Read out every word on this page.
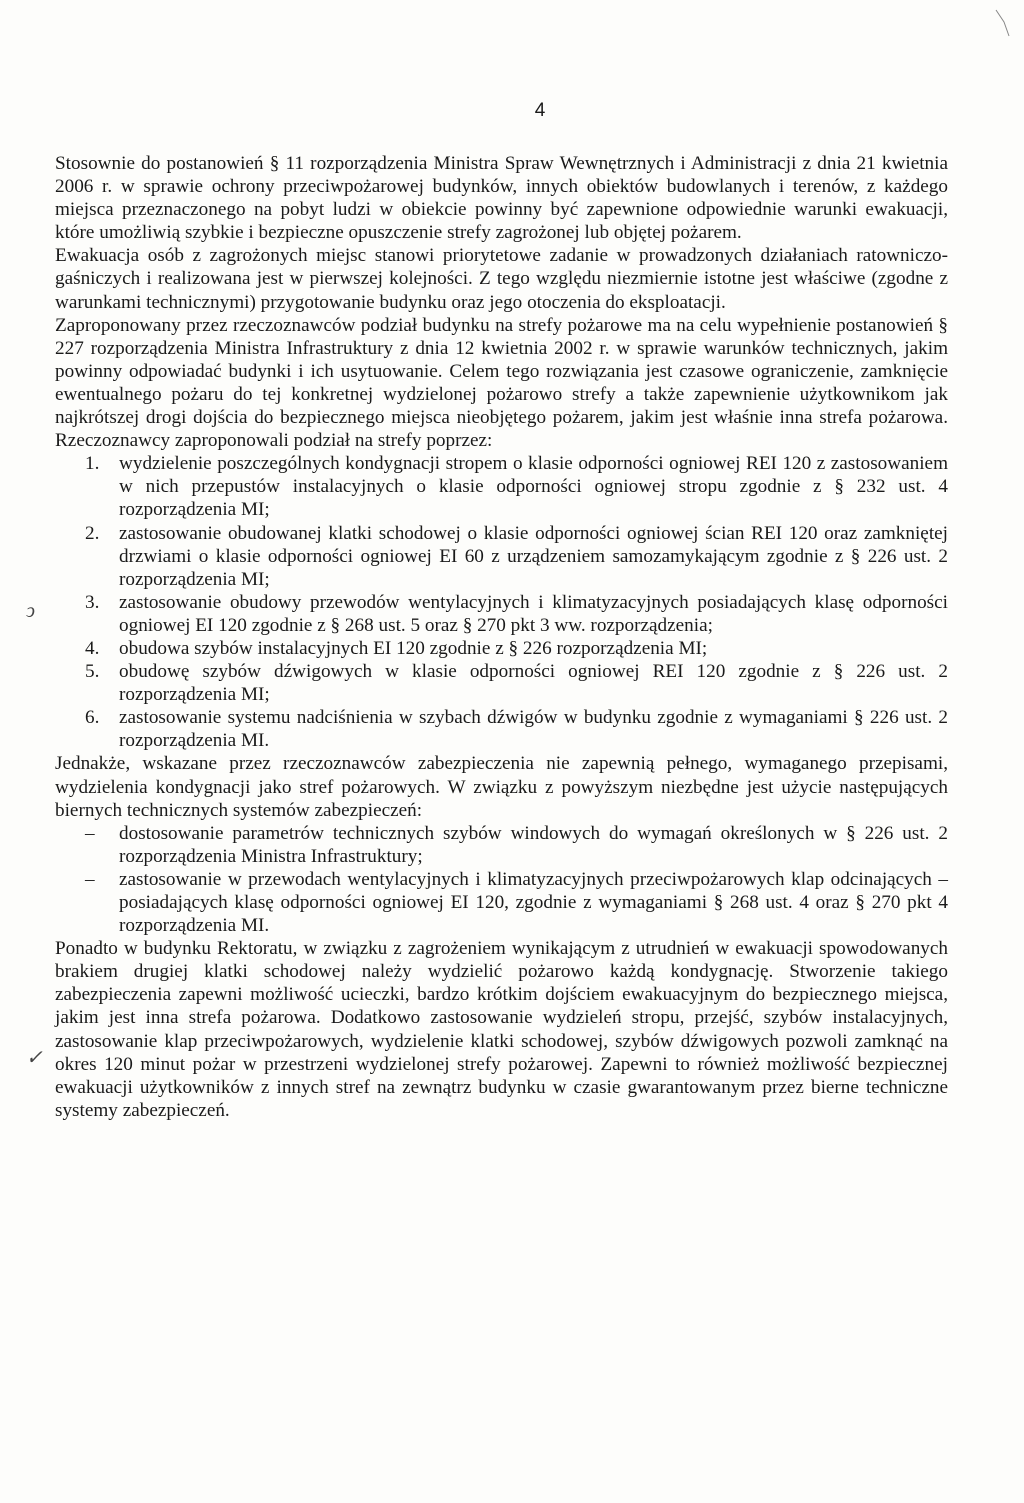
4
ↄ
✓

Stosownie do postanowień § 11 rozporządzenia Ministra Spraw Wewnętrznych i Administracji z dnia 21 kwietnia 2006 r. w sprawie ochrony przeciwpożarowej budynków, innych obiektów budowlanych i terenów, z każdego miejsca przeznaczonego na pobyt ludzi w obiekcie powinny być zapewnione odpowiednie warunki ewakuacji, które umożliwią szybkie i bezpieczne opuszczenie strefy zagrożonej lub objętej pożarem.

Ewakuacja osób z zagrożonych miejsc stanowi priorytetowe zadanie w prowadzonych działaniach ratowniczo-gaśniczych i realizowana jest w pierwszej kolejności. Z tego względu niezmiernie istotne jest właściwe (zgodne z warunkami technicznymi) przygotowanie budynku oraz jego otoczenia do eksploatacji.

Zaproponowany przez rzeczoznawców podział budynku na strefy pożarowe ma na celu wypełnienie postanowień § 227 rozporządzenia Ministra Infrastruktury z dnia 12 kwietnia 2002 r. w sprawie warunków technicznych, jakim powinny odpowiadać budynki i ich usytuowanie. Celem tego rozwiązania jest czasowe ograniczenie, zamknięcie ewentualnego pożaru do tej konkretnej wydzielonej pożarowo strefy a także zapewnienie użytkownikom jak najkrótszej drogi dojścia do bezpiecznego miejsca nieobjętego pożarem, jakim jest właśnie inna strefa pożarowa. Rzeczoznawcy zaproponowali podział na strefy poprzez:

1. wydzielenie poszczególnych kondygnacji stropem o klasie odporności ogniowej REI 120 z zastosowaniem w nich przepustów instalacyjnych o klasie odporności ogniowej stropu zgodnie z § 232 ust. 4 rozporządzenia MI;
2. zastosowanie obudowanej klatki schodowej o klasie odporności ogniowej ścian REI 120 oraz zamkniętej drzwiami o klasie odporności ogniowej EI 60 z urządzeniem samozamykającym zgodnie z § 226 ust. 2 rozporządzenia MI;
3. zastosowanie obudowy przewodów wentylacyjnych i klimatyzacyjnych posiadających klasę odporności ogniowej EI 120 zgodnie z § 268 ust. 5 oraz § 270 pkt 3 ww. rozporządzenia;
4. obudowa szybów instalacyjnych EI 120 zgodnie z § 226 rozporządzenia MI;
5. obudowę szybów dźwigowych w klasie odporności ogniowej REI 120 zgodnie z § 226 ust. 2 rozporządzenia MI;
6. zastosowanie systemu nadciśnienia w szybach dźwigów w budynku zgodnie z wymaganiami § 226 ust. 2 rozporządzenia MI.

Jednakże, wskazane przez rzeczoznawców zabezpieczenia nie zapewnią pełnego, wymaganego przepisami, wydzielenia kondygnacji jako stref pożarowych. W związku z powyższym niezbędne jest użycie następujących biernych technicznych systemów zabezpieczeń:

– dostosowanie parametrów technicznych szybów windowych do wymagań określonych w § 226 ust. 2 rozporządzenia Ministra Infrastruktury;
– zastosowanie w przewodach wentylacyjnych i klimatyzacyjnych przeciwpożarowych klap odcinających – posiadających klasę odporności ogniowej EI 120, zgodnie z wymaganiami § 268 ust. 4 oraz § 270 pkt 4 rozporządzenia MI.

Ponadto w budynku Rektoratu, w związku z zagrożeniem wynikającym z utrudnień w ewakuacji spowodowanych brakiem drugiej klatki schodowej należy wydzielić pożarowo każdą kondygnację. Stworzenie takiego zabezpieczenia zapewni możliwość ucieczki, bardzo krótkim dojściem ewakuacyjnym do bezpiecznego miejsca, jakim jest inna strefa pożarowa. Dodatkowo zastosowanie wydzieleń stropu, przejść, szybów instalacyjnych, zastosowanie klap przeciwpożarowych, wydzielenie klatki schodowej, szybów dźwigowych pozwoli zamknąć na okres 120 minut pożar w przestrzeni wydzielonej strefy pożarowej. Zapewni to również możliwość bezpiecznej ewakuacji użytkowników z innych stref na zewnątrz budynku w czasie gwarantowanym przez bierne techniczne systemy zabezpieczeń.
